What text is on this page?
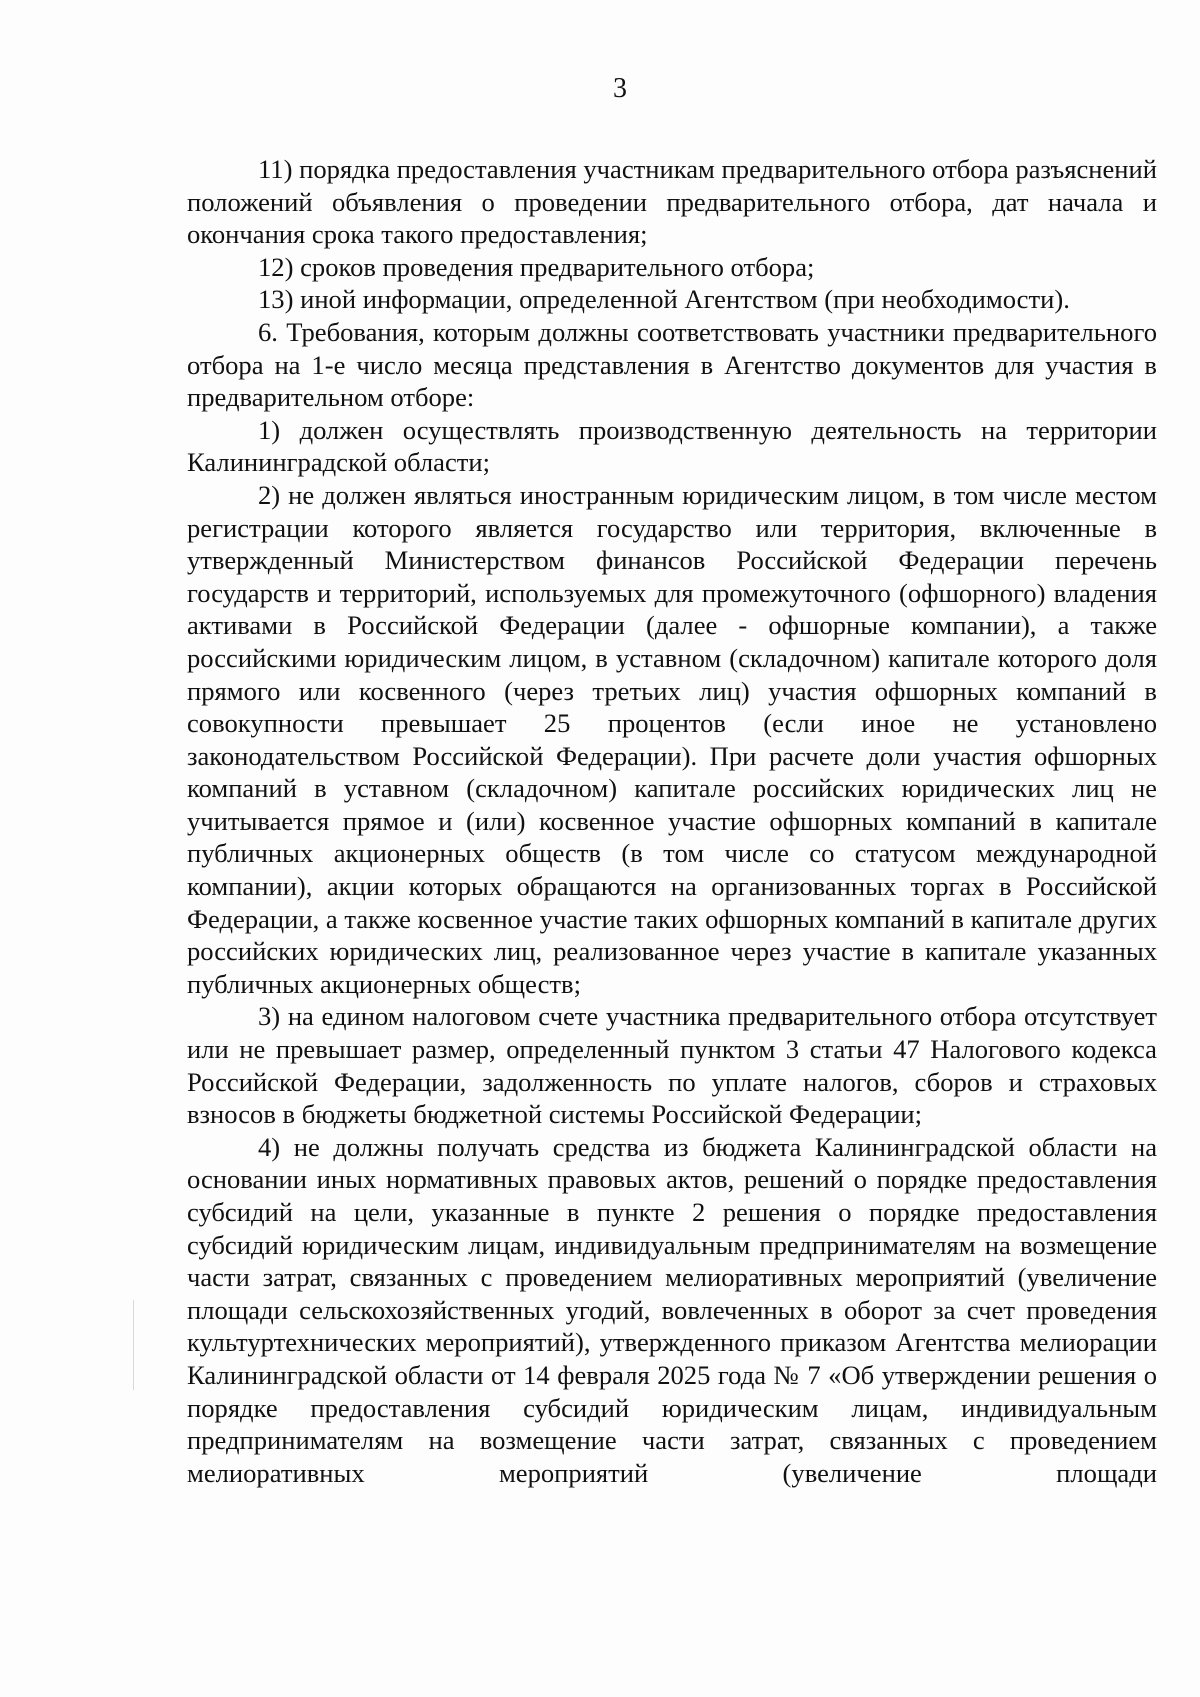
3

11) порядка предоставления участникам предварительного отбора разъяснений положений объявления о проведении предварительного отбора, дат начала и окончания срока такого предоставления;

12) сроков проведения предварительного отбора;

13) иной информации, определенной Агентством (при необходимости).

6. Требования, которым должны соответствовать участники предварительного отбора на 1-е число месяца представления в Агентство документов для участия в предварительном отборе:

1) должен осуществлять производственную деятельность на территории Калининградской области;

2) не должен являться иностранным юридическим лицом, в том числе местом регистрации которого является государство или территория, включенные в утвержденный Министерством финансов Российской Федерации перечень государств и территорий, используемых для промежуточного (офшорного) владения активами в Российской Федерации (далее - офшорные компании), а также российскими юридическим лицом, в уставном (складочном) капитале которого доля прямого или косвенного (через третьих лиц) участия офшорных компаний в совокупности превышает 25 процентов (если иное не установлено законодательством Российской Федерации). При расчете доли участия офшорных компаний в уставном (складочном) капитале российских юридических лиц не учитывается прямое и (или) косвенное участие офшорных компаний в капитале публичных акционерных обществ (в том числе со статусом международной компании), акции которых обращаются на организованных торгах в Российской Федерации, а также косвенное участие таких офшорных компаний в капитале других российских юридических лиц, реализованное через участие в капитале указанных публичных акционерных обществ;

3) на едином налоговом счете участника предварительного отбора отсутствует или не превышает размер, определенный пунктом 3 статьи 47 Налогового кодекса Российской Федерации, задолженность по уплате налогов, сборов и страховых взносов в бюджеты бюджетной системы Российской Федерации;

4) не должны получать средства из бюджета Калининградской области на основании иных нормативных правовых актов, решений о порядке предоставления субсидий на цели, указанные в пункте 2 решения о порядке предоставления субсидий юридическим лицам, индивидуальным предпринимателям на возмещение части затрат, связанных с проведением мелиоративных мероприятий (увеличение площади сельскохозяйственных угодий, вовлеченных в оборот за счет проведения культуртехнических мероприятий), утвержденного приказом Агентства мелиорации Калининградской области от 14 февраля 2025 года № 7 «Об утверждении решения о порядке предоставления субсидий юридическим лицам, индивидуальным предпринимателям на возмещение части затрат, связанных с проведением мелиоративных мероприятий (увеличение площади
